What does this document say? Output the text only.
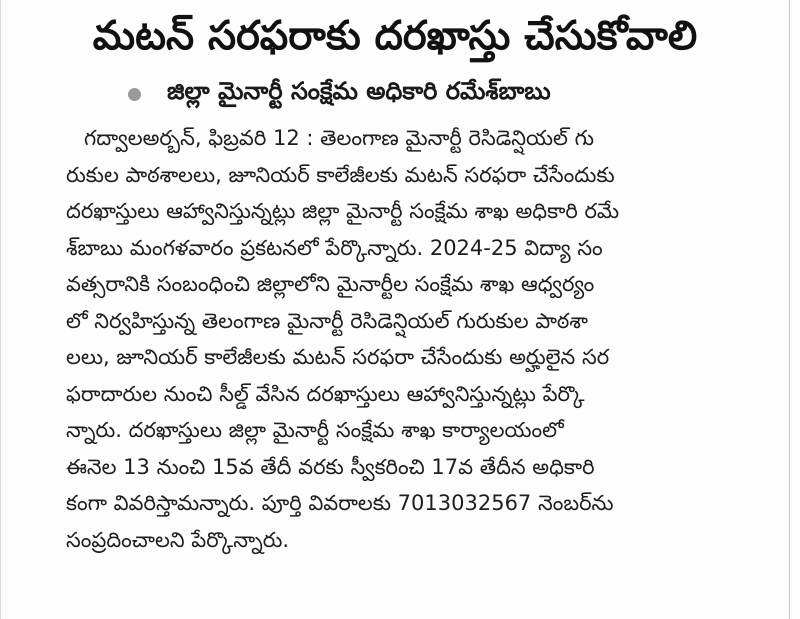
మటన్ సరఫరాకు దరఖాస్తు చేసుకోవాలి
జిల్లా మైనార్టీ సంక్షేమ అధికారి రమేశ్‌బాబు
గద్వాలఅర్బన్, ఫిబ్రవరి 12 : తెలంగాణ మైనార్టీ రెసిడెన్షియల్ గు
రుకుల పాఠశాలలు, జూనియర్ కాలేజీలకు మటన్ సరఫరా చేసేందుకు
దరఖాస్తులు ఆహ్వానిస్తున్నట్లు జిల్లా మైనార్టీ సంక్షేమ శాఖ అధికారి రమే
శ్‌బాబు మంగళవారం ప్రకటనలో పేర్కొన్నారు. 2024-25 విద్యా సం
వత్సరానికి సంబంధించి జిల్లాలోని మైనార్టీల సంక్షేమ శాఖ ఆధ్వర్యం
లో నిర్వహిస్తున్న తెలంగాణ మైనార్టీ రెసిడెన్షియల్ గురుకుల పాఠశా
లలు, జూనియర్ కాలేజీలకు మటన్ సరఫరా చేసేందుకు అర్హులైన సర
ఫరాదారుల నుంచి సీల్డ్ వేసిన దరఖాస్తులు ఆహ్వానిస్తున్నట్లు పేర్కొ
న్నారు. దరఖాస్తులు జిల్లా మైనార్టీ సంక్షేమ శాఖ కార్యాలయంలో
ఈనెల 13 నుంచి 15వ తేదీ వరకు స్వీకరించి 17వ తేదీన అధికారి
కంగా వివరిస్తామన్నారు. పూర్తి వివరాలకు 7013032567 నెంబర్‌ను
సంప్రదించాలని పేర్కొన్నారు.
